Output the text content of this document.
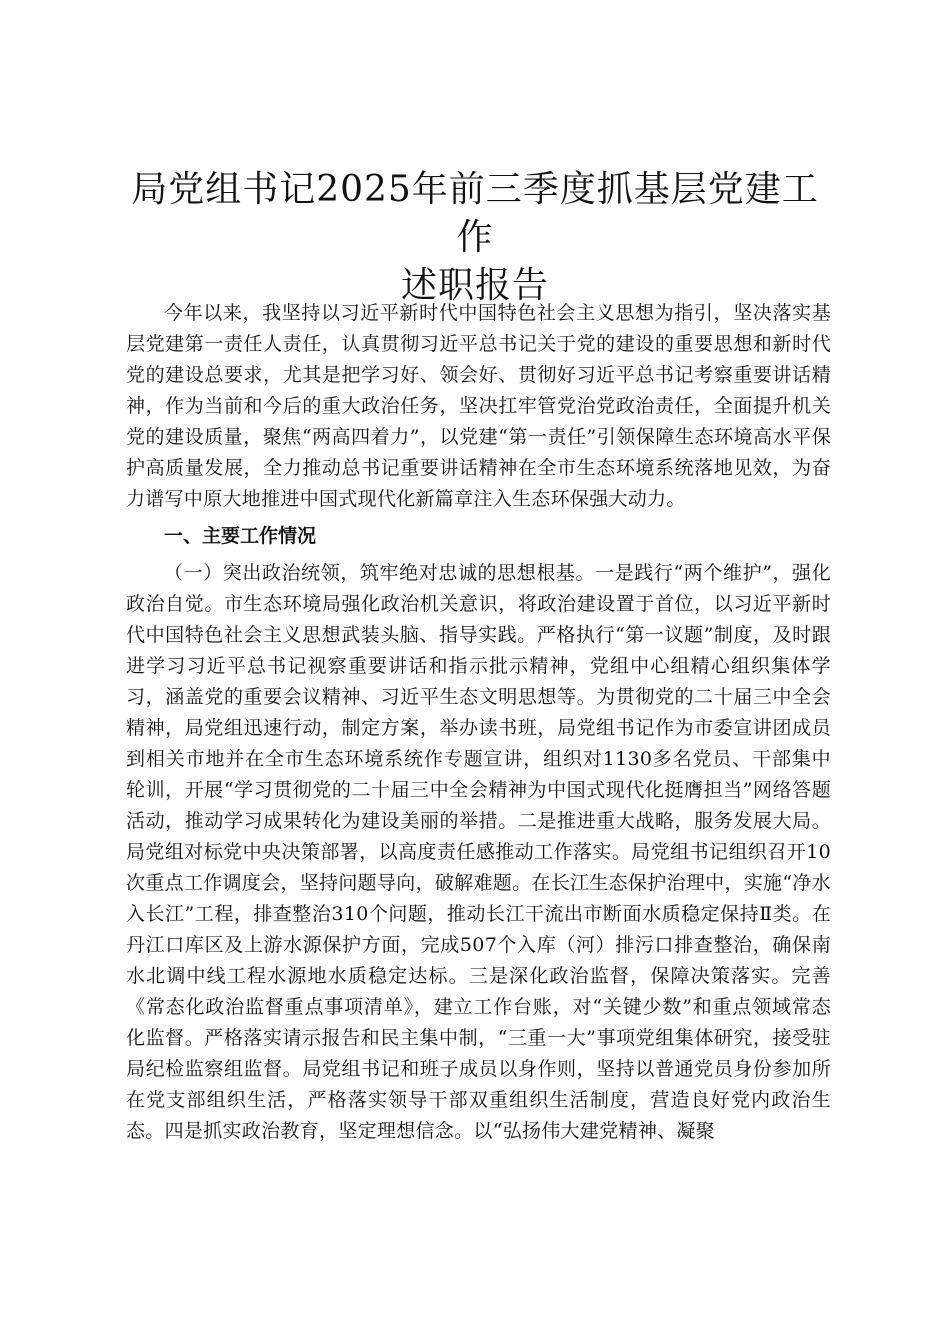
局党组书记2025年前三季度抓基层党建工作
述职报告

今年以来，我坚持以习近平新时代中国特色社会主义思想为指引，坚决落实基层党建第一责任人责任，认真贯彻习近平总书记关于党的建设的重要思想和新时代党的建设总要求，尤其是把学习好、领会好、贯彻好习近平总书记考察重要讲话精神，作为当前和今后的重大政治任务，坚决扛牢管党治党政治责任，全面提升机关党的建设质量，聚焦“两高四着力”，以党建“第一责任”引领保障生态环境高水平保护高质量发展，全力推动总书记重要讲话精神在全市生态环境系统落地见效，为奋力谱写中原大地推进中国式现代化新篇章注入生态环保强大动力。

一、主要工作情况

（一）突出政治统领，筑牢绝对忠诚的思想根基。一是践行“两个维护”，强化政治自觉。市生态环境局强化政治机关意识，将政治建设置于首位，以习近平新时代中国特色社会主义思想武装头脑、指导实践。严格执行“第一议题”制度，及时跟进学习习近平总书记视察重要讲话和指示批示精神，党组中心组精心组织集体学习，涵盖党的重要会议精神、习近平生态文明思想等。为贯彻党的二十届三中全会精神，局党组迅速行动，制定方案，举办读书班，局党组书记作为市委宣讲团成员到相关市地并在全市生态环境系统作专题宣讲，组织对1130多名党员、干部集中轮训，开展“学习贯彻党的二十届三中全会精神为中国式现代化挺膺担当”网络答题活动，推动学习成果转化为建设美丽的举措。二是推进重大战略，服务发展大局。局党组对标党中央决策部署，以高度责任感推动工作落实。局党组书记组织召开10次重点工作调度会，坚持问题导向，破解难题。在长江生态保护治理中，实施“净水入长江”工程，排查整治310个问题，推动长江干流出市断面水质稳定保持Ⅱ类。在丹江口库区及上游水源保护方面，完成507个入库（河）排污口排查整治，确保南水北调中线工程水源地水质稳定达标。三是深化政治监督，保障决策落实。完善《常态化政治监督重点事项清单》，建立工作台账，对“关键少数”和重点领域常态化监督。严格落实请示报告和民主集中制，“三重一大”事项党组集体研究，接受驻局纪检监察组监督。局党组书记和班子成员以身作则，坚持以普通党员身份参加所在党支部组织生活，严格落实领导干部双重组织生活制度，营造良好党内政治生态。四是抓实政治教育，坚定理想信念。以“弘扬伟大建党精神、凝聚
